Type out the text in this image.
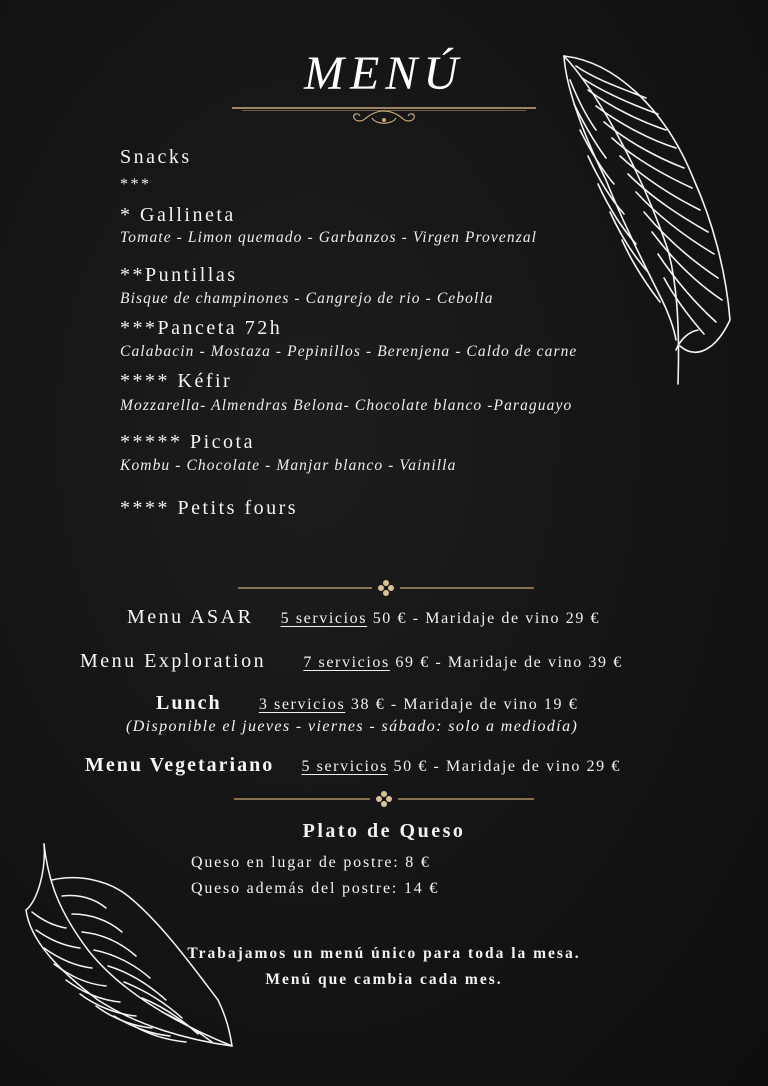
MENÚ
Snacks
***
* Gallineta
Tomate - Limon quemado - Garbanzos - Virgen Provenzal
**Puntillas
Bisque de champinones - Cangrejo de rio - Cebolla
***Panceta 72h
Calabacin - Mostaza - Pepinillos - Berenjena - Caldo de carne
**** Kéfir
Mozzarella- Almendras Belona- Chocolate blanco -Paraguayo
***** Picota
Kombu - Chocolate - Manjar blanco - Vainilla
**** Petits fours
Menu ASAR 5 servicios 50 € - Maridaje de vino 29 €
Menu Exploration 7 servicios 69 € - Maridaje de vino 39 €
Lunch 3 servicios 38 € - Maridaje de vino 19 €
(Disponible el jueves - viernes - sábado: solo a mediodía)
Menu Vegetariano 5 servicios 50 € - Maridaje de vino 29 €
Plato de Queso
Queso en lugar de postre: 8 €
Queso además del postre: 14 €
Trabajamos un menú único para toda la mesa.
Menú que cambia cada mes.
